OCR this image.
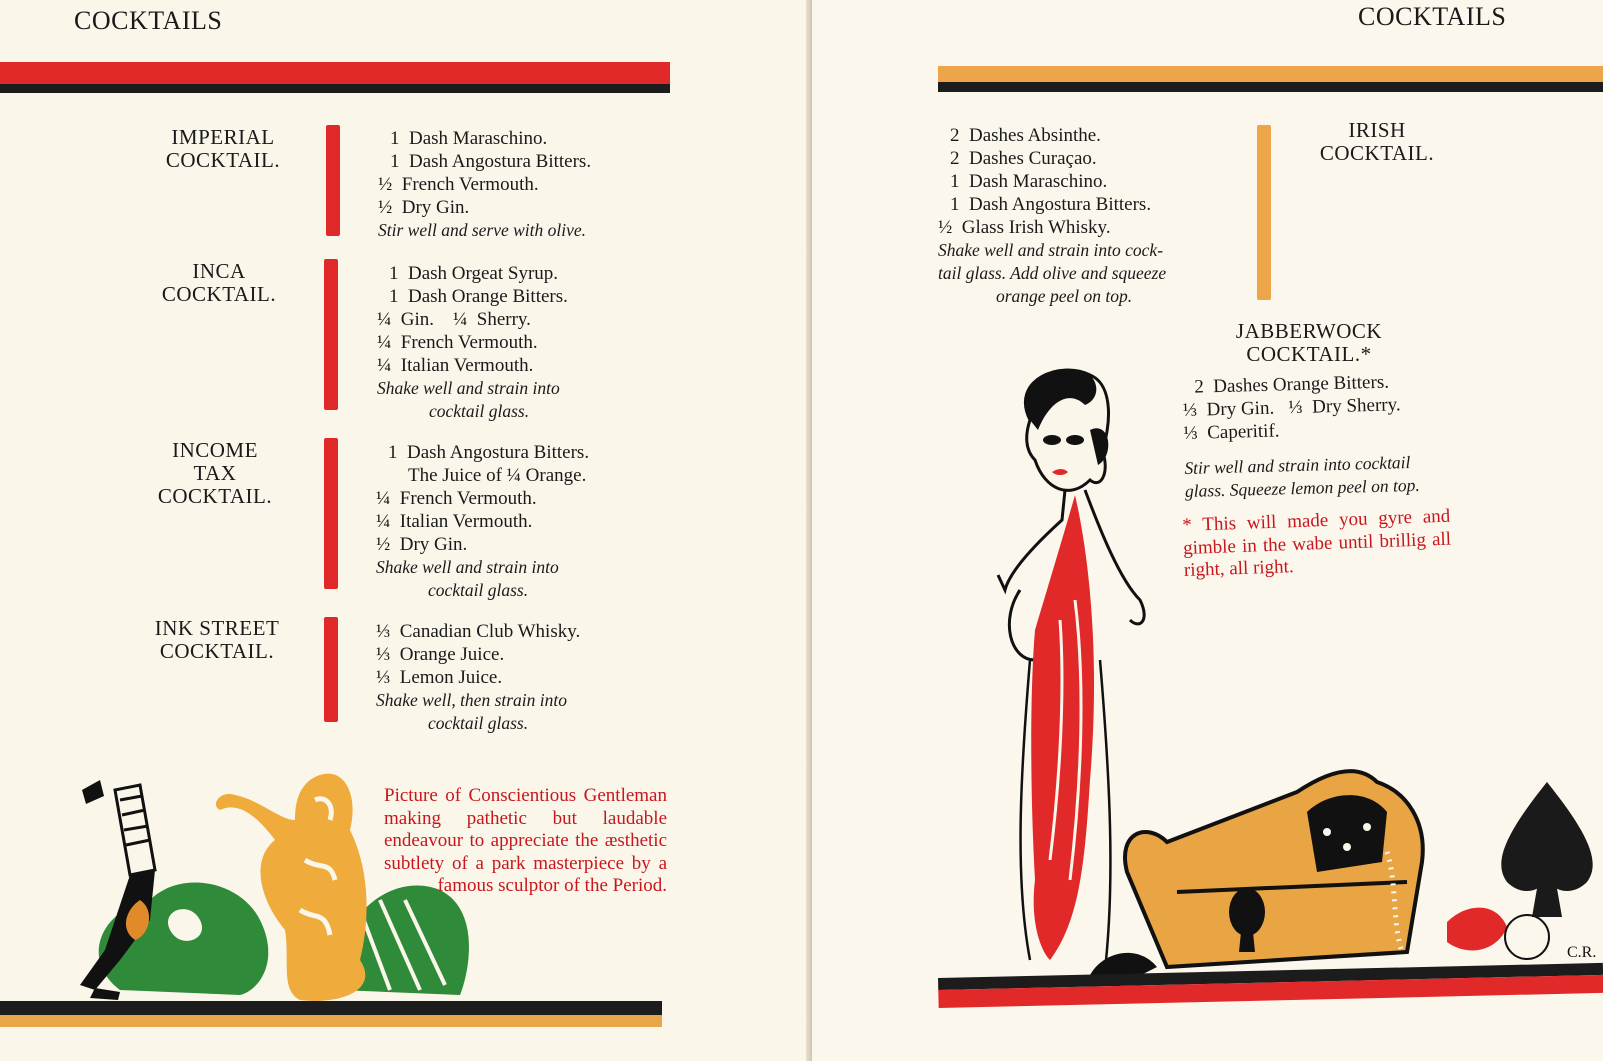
COCKTAILS
IMPERIAL
COCKTAIL.
1  Dash Maraschino.
1  Dash Angostura Bitters.
½  French Vermouth.
½  Dry Gin.
Stir well and serve with olive.
INCA
COCKTAIL.
1  Dash Orgeat Syrup.
1  Dash Orange Bitters.
¼  Gin.    ¼  Sherry.
¼  French Vermouth.
¼  Italian Vermouth.
Shake well and strain into
cocktail glass.
INCOME
TAX
COCKTAIL.
1  Dash Angostura Bitters.
The Juice of ¼ Orange.
¼  French Vermouth.
¼  Italian Vermouth.
½  Dry Gin.
Shake well and strain into
cocktail glass.
INK STREET
COCKTAIL.
⅓  Canadian Club Whisky.
⅓  Orange Juice.
⅓  Lemon Juice.
Shake well, then strain into
cocktail glass.
Picture of Conscientious Gentleman making pathetic but laudable endeavour to appreciate the æsthetic subtlety of a park masterpiece by a famous sculptor of the Period.
COCKTAILS
2  Dashes Absinthe.
2  Dashes Curaçao.
1  Dash Maraschino.
1  Dash Angostura Bitters.
½  Glass Irish Whisky.
Shake well and strain into cock-
tail glass. Add olive and squeeze
orange peel on top.
IRISH
COCKTAIL.
JABBERWOCK
COCKTAIL.*
2  Dashes Orange Bitters.
⅓  Dry Gin.   ⅓  Dry Sherry.
⅓  Caperitif.
Stir well and strain into cocktail
glass. Squeeze lemon peel on top.
* This will made you gyre and gimble in the wabe until brillig all right, all right.
C.R.
